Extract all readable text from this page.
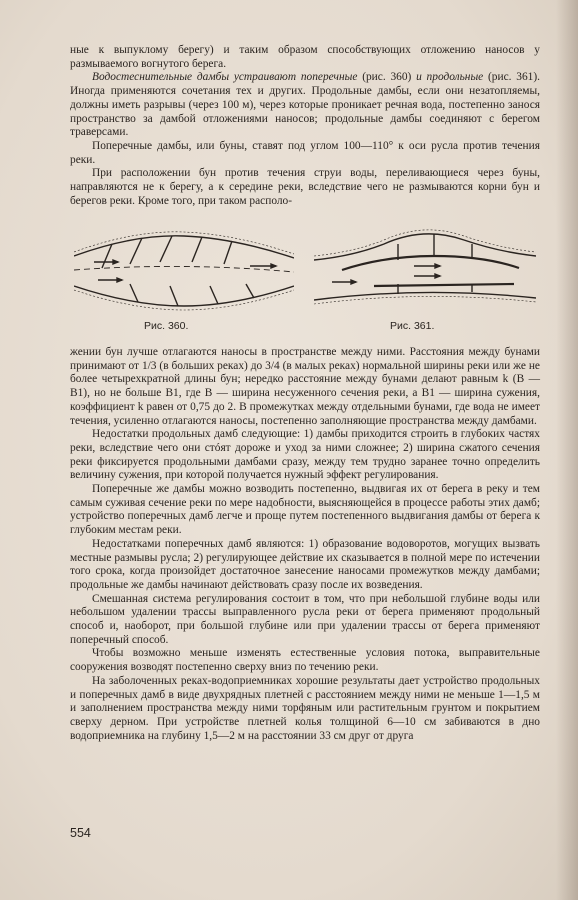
ные к выпуклому берегу) и таким образом способствующих отложению наносов у размываемого вогнутого берега.

Водостеснительные дамбы устраивают поперечные (рис. 360) и продольные (рис. 361). Иногда применяются сочетания тех и других. Продольные дамбы, если они незатопляемы, должны иметь разрывы (через 100 м), через которые проникает речная вода, постепенно занося пространство за дамбой отложениями наносов; продольные дамбы соединяют с берегом траверсами.

Поперечные дамбы, или буны, ставят под углом 100—110° к оси русла против течения реки.

При расположении бун против течения струи воды, переливающиеся через буны, направляются не к берегу, а к середине реки, вследствие чего не размываются корни бун и берегов реки. Кроме того, при таком располо-

Рис. 360.	Рис. 361.

жении бун лучше отлагаются наносы в пространстве между ними. Расстояния между бунами принимают от 1/3 (в больших реках) до 3/4 (в малых реках) нормальной ширины реки или же не более четырехкратной длины бун; нередко расстояние между бунами делают равным k (B — B1), но не больше B1, где B — ширина несуженного сечения реки, а B1 — ширина сужения, коэффициент k равен от 0,75 до 2. В промежутках между отдельными бунами, где вода не имеет течения, усиленно отлагаются наносы, постепенно заполняющие пространства между дамбами.

Недостатки продольных дамб следующие: 1) дамбы приходится строить в глубоких частях реки, вследствие чего они стóят дороже и уход за ними сложнее; 2) ширина сжатого сечения реки фиксируется продольными дамбами сразу, между тем трудно заранее точно определить величину сужения, при которой получается нужный эффект регулирования.

Поперечные же дамбы можно возводить постепенно, выдвигая их от берега в реку и тем самым суживая сечение реки по мере надобности, выясняющейся в процессе работы этих дамб; устройство поперечных дамб легче и проще путем постепенного выдвигания дамбы от берега к глубоким местам реки.

Недостатками поперечных дамб являются: 1) образование водоворотов, могущих вызвать местные размывы русла; 2) регулирующее действие их сказывается в полной мере по истечении того срока, когда произойдет достаточное занесение наносами промежутков между дамбами; продольные же дамбы начинают действовать сразу после их возведения.

Смешанная система регулирования состоит в том, что при небольшой глубине воды или небольшом удалении трассы выправленного русла реки от берега применяют продольный способ и, наоборот, при большой глубине или при удалении трассы от берега применяют поперечный способ.

Чтобы возможно меньше изменять естественные условия потока, выправительные сооружения возводят постепенно сверху вниз по течению реки.

На заболоченных реках-водоприемниках хорошие результаты дает устройство продольных и поперечных дамб в виде двухрядных плетней с расстоянием между ними не меньше 1—1,5 м и заполнением пространства между ними торфяным или растительным грунтом и покрытием сверху дерном. При устройстве плетней колья толщиной 6—10 см забиваются в дно водоприемника на глубину 1,5—2 м на расстоянии 33 см друг от друга

554
